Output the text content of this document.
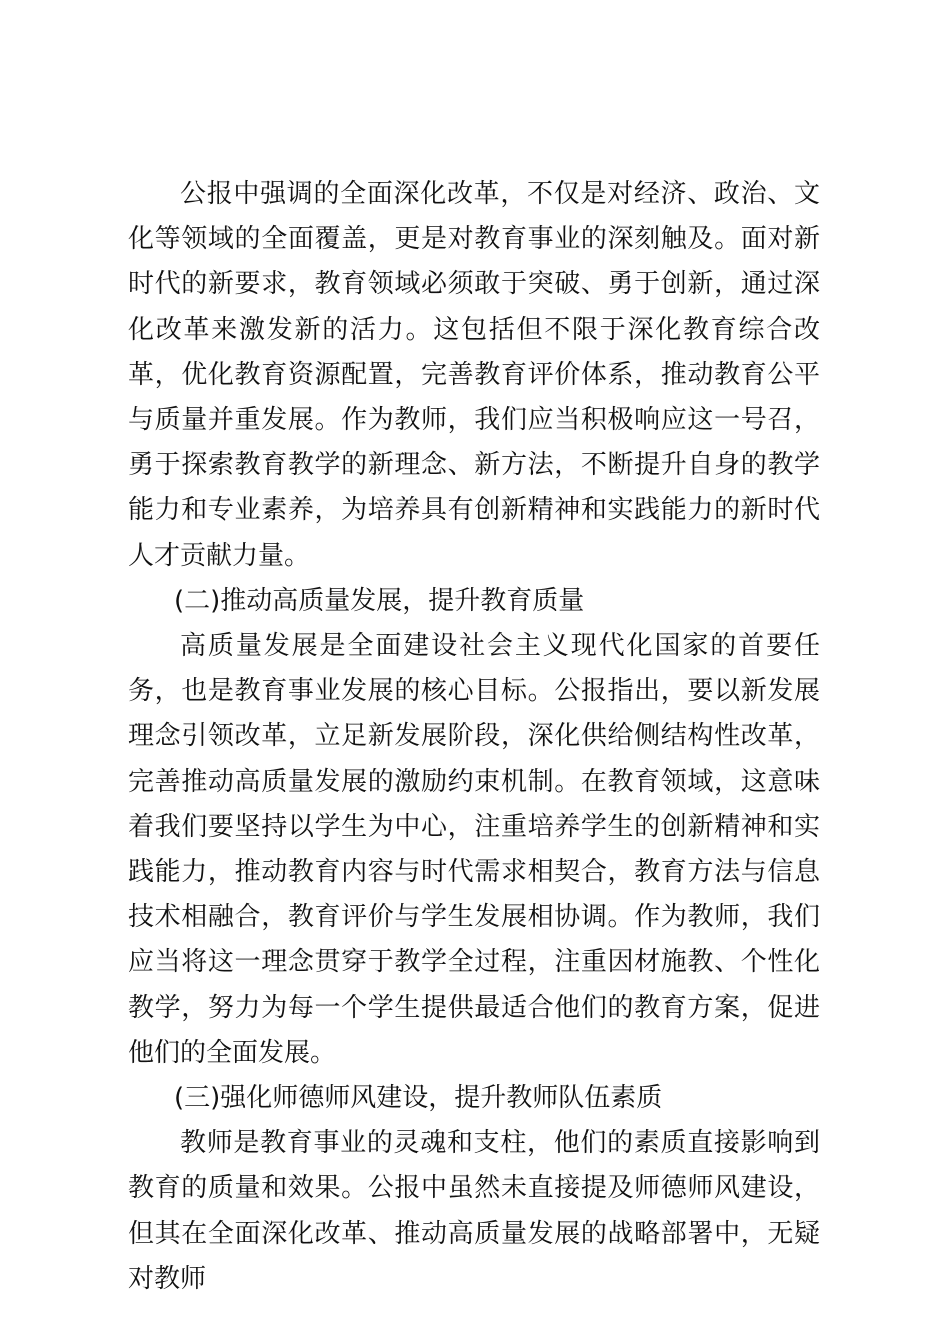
公报中强调的全面深化改革，不仅是对经济、政治、文化等领域的全面覆盖，更是对教育事业的深刻触及。面对新时代的新要求，教育领域必须敢于突破、勇于创新，通过深化改革来激发新的活力。这包括但不限于深化教育综合改革，优化教育资源配置，完善教育评价体系，推动教育公平与质量并重发展。作为教师，我们应当积极响应这一号召，勇于探索教育教学的新理念、新方法，不断提升自身的教学能力和专业素养，为培养具有创新精神和实践能力的新时代人才贡献力量。

(二)推动高质量发展，提升教育质量

高质量发展是全面建设社会主义现代化国家的首要任务，也是教育事业发展的核心目标。公报指出，要以新发展理念引领改革，立足新发展阶段，深化供给侧结构性改革，完善推动高质量发展的激励约束机制。在教育领域，这意味着我们要坚持以学生为中心，注重培养学生的创新精神和实践能力，推动教育内容与时代需求相契合，教育方法与信息技术相融合，教育评价与学生发展相协调。作为教师，我们应当将这一理念贯穿于教学全过程，注重因材施教、个性化教学，努力为每一个学生提供最适合他们的教育方案，促进他们的全面发展。

(三)强化师德师风建设，提升教师队伍素质

教师是教育事业的灵魂和支柱，他们的素质直接影响到教育的质量和效果。公报中虽然未直接提及师德师风建设，但其在全面深化改革、推动高质量发展的战略部署中，无疑对教师
